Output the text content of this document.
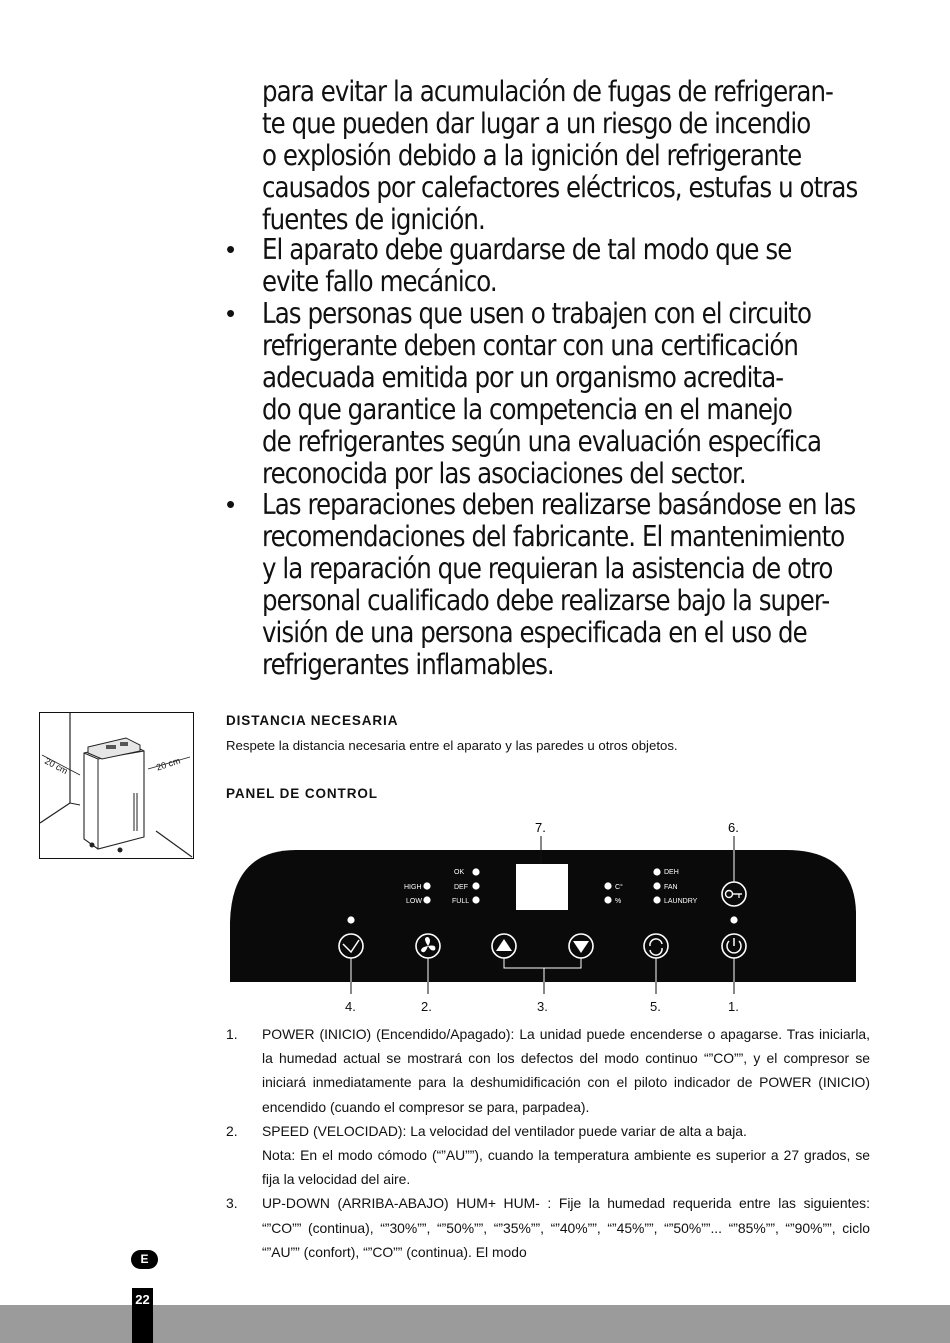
para evitar la acumulación de fugas de refrigeran-

te que pueden dar lugar a un riesgo de incendio

o explosión debido a la ignición del refrigerante

causados por calefactores eléctricos, estufas u otras

fuentes de ignición.

• El aparato debe guardarse de tal modo que se

evite fallo mecánico.

• Las personas que usen o trabajen con el circuito

refrigerante deben contar con una certificación

adecuada emitida por un organismo acredita-

do que garantice la competencia en el manejo

de refrigerantes según una evaluación específica

reconocida por las asociaciones del sector.

• Las reparaciones deben realizarse basándose en las

recomendaciones del fabricante. El mantenimiento

y la reparación que requieran la asistencia de otro

personal cualificado debe realizarse bajo la super-

visión de una persona especificada en el uso de

refrigerantes inflamables.

20 cm	20 cm
DISTANCIA NECESARIA
Respete la distancia necesaria entre el aparato y las paredes u otros objetos.
PANEL DE CONTROL
7.	6.
HIGH
LOW
OK
DEF
FULL
C°
%
DEH
FAN
LAUNDRY
4.	2.	3.	5.	1.
1.	POWER (INICIO) (Encendido/Apagado): La unidad puede encenderse o apagarse. Tras iniciarla, la humedad actual se mostrará con los defectos del modo continuo “”CO””, y el compresor se iniciará inmediatamente para la deshumidificación con el piloto indicador de POWER (INICIO) encendido (cuando el compresor se para, parpadea).
2.	SPEED (VELOCIDAD): La velocidad del ventilador puede variar de alta a baja.
Nota: En el modo cómodo (“”AU””), cuando la temperatura ambiente es superior a 27 grados, se fija la velocidad del aire.
3.	UP-DOWN (ARRIBA-ABAJO) HUM+ HUM- : Fije la humedad requerida entre las siguientes: “”CO”” (continua), “”30%””, “”50%””, “”35%””, “”40%””, “”45%””, “”50%””... “”85%””, “”90%””, ciclo “”AU”” (confort), “”CO”” (continua). El modo
E
22
